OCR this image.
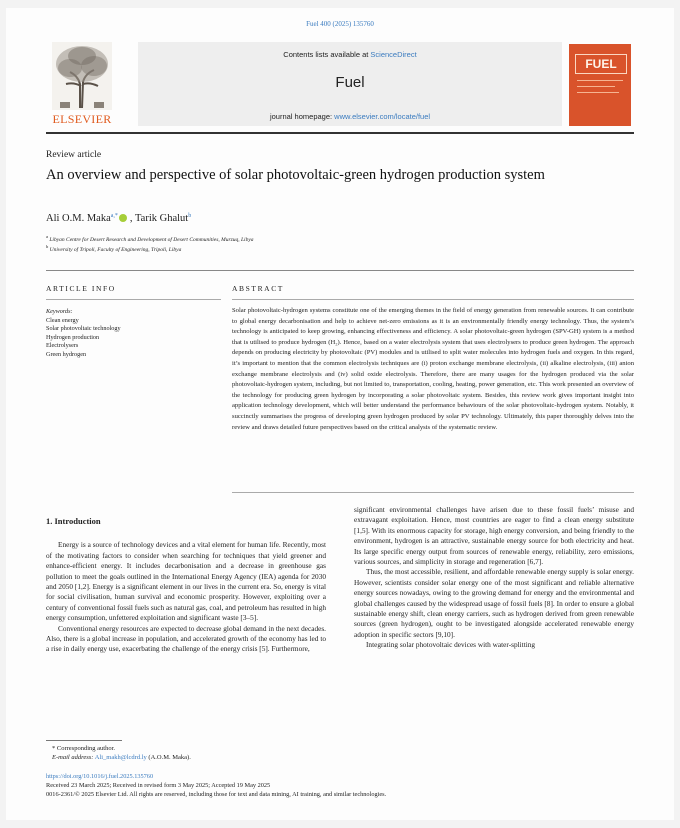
Fuel 400 (2025) 135760
ELSEVIER
Contents lists available at ScienceDirect
Fuel
journal homepage: www.elsevier.com/locate/fuel
FUEL
Review article
An overview and perspective of solar photovoltaic-green hydrogen production system
Ali O.M. Maka$^{a,*}$ , Tarik Ghalut$^b$
$^a$ Libyan Centre for Desert Research and Development of Desert Communities, Murzuq, Libya
$^b$ University of Tripoli, Faculty of Engineering, Tripoli, Libya
ARTICLE INFO	ABSTRACT
Keywords:
Clean energy
Solar photovoltaic technology
Hydrogen production
Electrolysers
Green hydrogen
Solar photovoltaic-hydrogen systems constitute one of the emerging themes in the field of energy generation from renewable sources. It can contribute to global energy decarbonisation and help to achieve net-zero emissions as it is an environmentally friendly energy technology. Thus, the system’s technology is anticipated to keep growing, enhancing effectiveness and efficiency. A solar photovoltaic-green hydrogen (SPV-GH) system is a method that is utilised to produce hydrogen (H₂). Hence, based on a water electrolysis system that uses electrolysers to produce green hydrogen. The approach depends on producing electricity by photovoltaic (PV) modules and is utilised to split water molecules into hydrogen fuels and oxygen. In this regard, it’s important to mention that the common electrolysis techniques are (i) proton exchange membrane electrolysis, (ii) alkaline electrolysis, (iii) anion exchange membrane electrolysis and (iv) solid oxide electrolysis. Therefore, there are many usages for the hydrogen produced via the solar photovoltaic-hydrogen system, including, but not limited to, transportation, cooling, heating, power generation, etc. This work presented an overview of the technology for producing green hydrogen by incorporating a solar photovoltaic system. Besides, this review work gives important insight into application technology development, which will better understand the performance behaviours of the solar photovoltaic-hydrogen system. Notably, it succinctly summarises the progress of developing green hydrogen produced by solar PV technology. Ultimately, this paper thoroughly delves into the review and draws detailed future perspectives based on the critical analysis of the systematic review.
1. Introduction

Energy is a source of technology devices and a vital element for human life. Recently, most of the motivating factors to consider when searching for techniques that yield greener and enhance-efficient energy. It includes decarbonisation and a decrease in greenhouse gas pollution to meet the goals outlined in the International Energy Agency (IEA) agenda for 2030 and 2050 [1,2]. Energy is a significant element in our lives in the current era. So, energy is vital for social civilisation, human survival and economic prosperity. However, exploiting over a century of conventional fossil fuels such as natural gas, coal, and petroleum has resulted in high energy consumption, unfettered exploitation and significant waste [3–5].

Conventional energy resources are expected to decrease global demand in the next decades. Also, there is a global increase in population, and accelerated growth of the economy has led to a rise in daily energy use, exacerbating the challenge of the energy crisis [5]. Furthermore,

significant environmental challenges have arisen due to these fossil fuels’ misuse and extravagant exploitation. Hence, most countries are eager to find a clean energy substitute [1,5]. With its enormous capacity for storage, high energy conversion, and being friendly to the environment, hydrogen is an attractive, sustainable energy source for both electricity and heat. Its large specific energy output from sources of renewable energy, reliability, zero emissions, various sources, and simplicity in storage and regeneration [6,7].

Thus, the most accessible, resilient, and affordable renewable energy supply is solar energy. However, scientists consider solar energy one of the most significant and reliable alternative energy sources nowadays, owing to the growing demand for energy and the environmental and global challenges caused by the widespread usage of fossil fuels [8]. In order to ensure a global sustainable energy shift, clean energy carriers, such as hydrogen derived from green renewable sources (green hydrogen), ought to be investigated alongside accelerated renewable energy adoption in specific sectors [9,10].

Integrating solar photovoltaic devices with water-splitting

* Corresponding author.
E-mail address: Ali_makh@lcdrd.ly (A.O.M. Maka).
https://doi.org/10.1016/j.fuel.2025.135760
Received 23 March 2025; Received in revised form 3 May 2025; Accepted 19 May 2025
0016-2361/© 2025 Elsevier Ltd. All rights are reserved, including those for text and data mining, AI training, and similar technologies.
